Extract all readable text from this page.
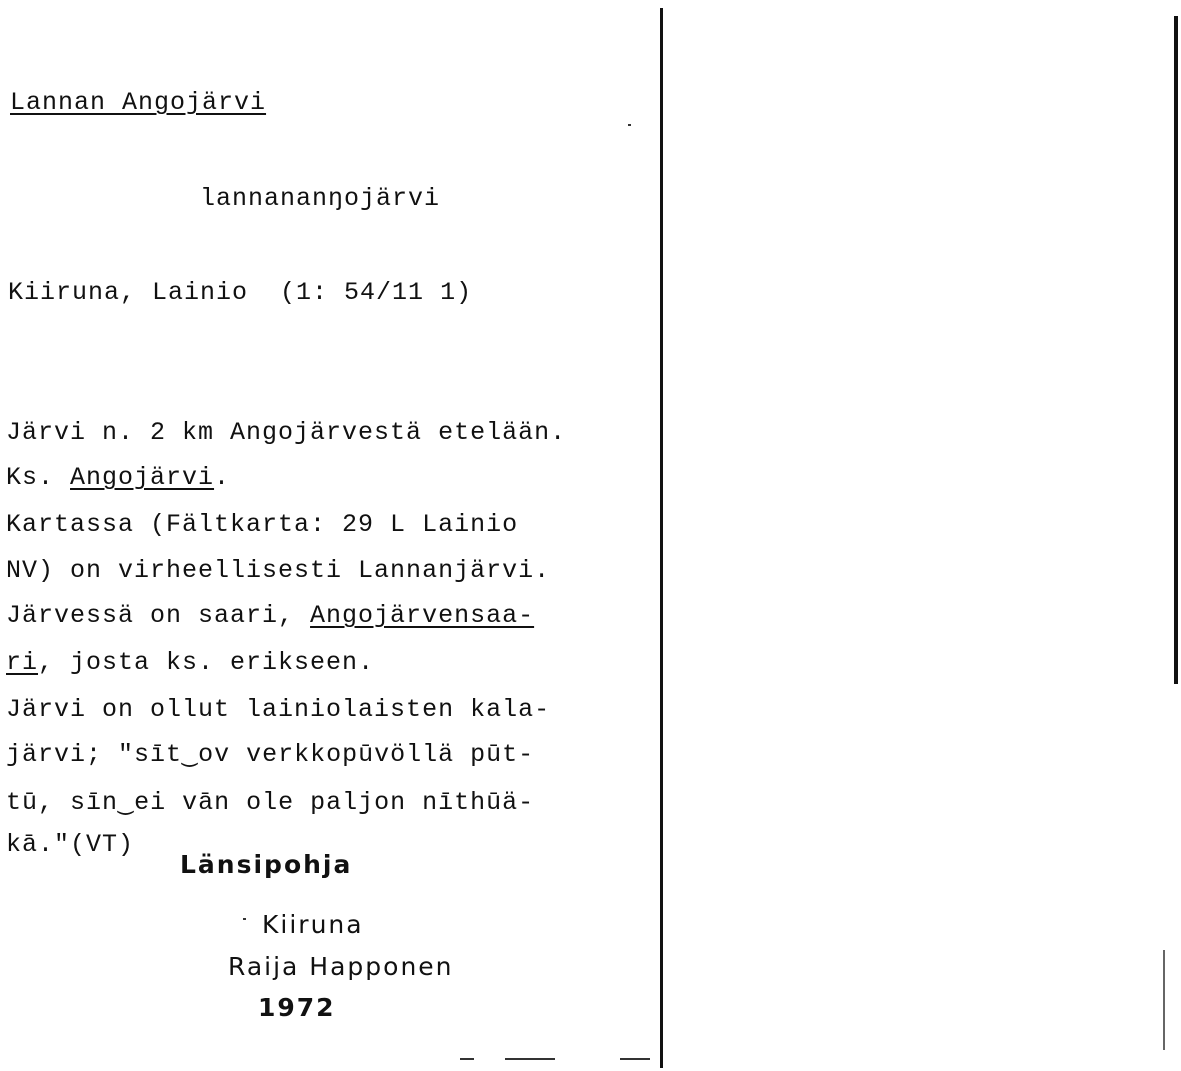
Lannan Angojärvi
lannananŋojärvi
Kiiruna, Lainio  (1: 54/11 1)
Järvi n. 2 km Angojärvestä etelään.
Ks. Angojärvi.
Kartassa (Fältkarta: 29 L Lainio
NV) on virheellisesti Lannanjärvi.
Järvessä on saari, Angojärvensaa-
ri, josta ks. erikseen.
Järvi on ollut lainiolaisten kala-
järvi; "sīt‿ov verkkopūvöllä pūt-
tū, sīn‿ei vān ole paljon nīthūä-
kā."(VT)
Länsipohja
Kiiruna
Raija Happonen
1972
